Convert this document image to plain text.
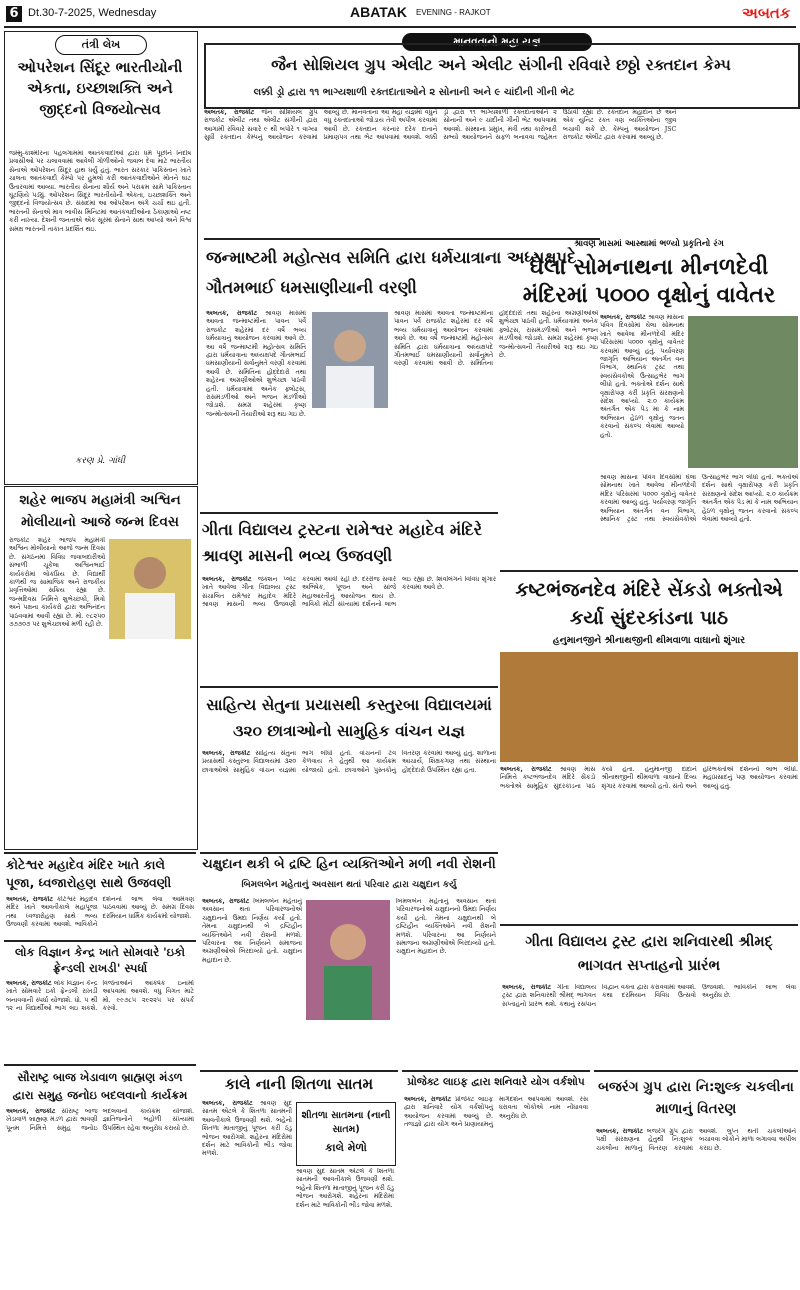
6 Dt.30-7-2025, Wednesday	ABATAK EVENING - RAJKOT	અબતક
તંત્રી લેખ
ઓપરેશન સિંદૂર ભારતીયોની એકતા, ઇચ્છાશક્તિ અને જીદ્દનો વિજયોત્સવ
જમ્મુ-કાશ્મીરના પહલગામમાં આતંકવાદીઓ દ્વારા ધર્મ પૂછીને નિર્દોષ પ્રવાસીઓ પર ચલાવવામાં આવેલી ગોળીઓનો જવાબ દેવા માટે ભારતીય સેનાએ ઓપરેશન સિંદૂર હાથ ધર્યું હતું. ભારત સરકાર પાકિસ્તાન ખાતે ચાલતા આતંકવાદી કેમ્પો પર હુમલો કરી આતંકવાદીઓને મોતને ઘાટ ઉતારવામાં આવ્યા. ભારતીય સેનાના શૌર્ય અને પરાક્રમ સામે પાકિસ્તાન ઘૂંટણિયે પડ્યું. ઓપરેશન સિંદૂર ભારતીયોની એકતા, ઇચ્છાશક્તિ અને જીદ્દનો વિજયોત્સવ છે. સંસદમાં આ ઓપરેશન અંગે ચર્ચા થઇ હતી. ભારતની સેનાએ માત્ર બાવીસ મિનિટમાં આતંકવાદીઓના ઠેકાણાઓ નષ્ટ કરી નાખ્યા. દેશની જનતાએ એક સૂરમાં સેનાને સાથ આપ્યો અને વિશ્વ સમક્ષ ભારતની તાકાત પ્રદર્શિત થઇ.
કરણ પ્રે. ગાંધી
માનવતાનો મહા યજ્ઞ
જૈન સોશિયલ ગ્રુપ એલીટ અને એલીટ સંગીની રવિવારે છઠ્ઠો રક્તદાન કેમ્પ
લક્કી ડ્રો દ્વારા ૧૧ ભાગ્યશાળી રક્તદાતાઓને ૨ સોનાની અને ૯ ચાંદીની ગીની ભેટ
અબતક, રાજકોટ જૈન સોશિયલ ગ્રુપ રાજકોટ એલીટ તથા એલીટ સંગીની દ્વારા આગામી રવિવારે સવારે ૯ થી બપોરે ૧ વાગ્યા સુધી રક્તદાન કેમ્પનું આયોજન કરવામાં આવ્યું છે. માનવતાના આ મહા યજ્ઞમાં વધુને વધુ રક્તદાતાઓ જોડાય તેવી અપીલ કરવામાં આવી છે. રક્તદાન કરનાર દરેક દાતાને પ્રમાણપત્ર તથા ભેટ આપવામાં આવશે. લક્કી ડ્રો દ્વારા ૧૧ ભાગ્યશાળી રક્તદાતાઓને ૨ સોનાની અને ૯ ચાંદીની ગીની ભેટ આપવામાં આવશે. સંસ્થાના પ્રમુખ, મંત્રી તથા કારોબારી સભ્યો આયોજનને સફળ બનાવવા જહેમત ઉઠાવી રહ્યા છે. રક્તદાન મહાદાન છે અને એક યુનિટ રક્ત ત્રણ વ્યક્તિઓના જીવ બચાવી શકે છે. કેમ્પનું આયોજન JSC રાજકોટ એલીટ દ્વારા કરવામાં આવ્યું છે.
જન્માષ્ટમી મહોત્સવ સમિતિ દ્વારા ધર્મયાત્રાના અધ્યક્ષપદે ગૌતમભાઈ ધમસાણીયાની વરણી
અબતક, રાજકોટ શ્રાવણ માસમાં આવતા જન્માષ્ટમીના પાવન પર્વે રાજકોટ શહેરમાં દર વર્ષે ભવ્ય ધર્મયાત્રાનું આયોજન કરવામાં આવે છે. આ વર્ષે જન્માષ્ટમી મહોત્સવ સમિતિ દ્વારા ધર્મયાત્રાના અધ્યક્ષપદે ગૌતમભાઈ ધમસાણીયાની સર્વાનુમતે વરણી કરવામાં આવી છે. સમિતિના હોદ્દેદારો તથા શહેરના અગ્રણીઓએ શુભેચ્છા પાઠવી હતી. ધર્મયાત્રામાં અનેક ફ્લોટ્સ, રાસમંડળીઓ અને ભજન મંડળીઓ જોડાશે. સમગ્ર શહેરમાં કૃષ્ણ જન્મોત્સવની તૈયારીઓ શરૂ થઇ ગઇ છે.
શ્રાવણ માસમાં આવતા જન્માષ્ટમીના પાવન પર્વે રાજકોટ શહેરમાં દર વર્ષે ભવ્ય ધર્મયાત્રાનું આયોજન કરવામાં આવે છે. આ વર્ષે જન્માષ્ટમી મહોત્સવ સમિતિ દ્વારા ધર્મયાત્રાના અધ્યક્ષપદે ગૌતમભાઈ ધમસાણીયાની સર્વાનુમતે વરણી કરવામાં આવી છે. સમિતિના હોદ્દેદારો તથા શહેરના અગ્રણીઓએ શુભેચ્છા પાઠવી હતી. ધર્મયાત્રામાં અનેક ફ્લોટ્સ, રાસમંડળીઓ અને ભજન મંડળીઓ જોડાશે. સમગ્ર શહેરમાં કૃષ્ણ જન્મોત્સવની તૈયારીઓ શરૂ થઇ ગઇ છે.
શ્રાવણ માસમાં આસ્થામાં ભળ્યો પ્રકૃતિનો રંગ
ઘેલા સોમનાથના મીનળદેવી મંદિરમાં ૫૦૦૦ વૃક્ષોનું વાવેતર
અબતક, રાજકોટ શ્રાવણ માસના પવિત્ર દિવસોમાં ઘેલા સોમનાથ ખાતે આવેલા મીનળદેવી મંદિર પરિસરમાં ૫૦૦૦ વૃક્ષોનું વાવેતર કરવામાં આવ્યું હતું. પર્યાવરણ જાગૃતિ અભિયાન અંતર્ગત વન વિભાગ, સ્થાનિક ટ્રસ્ટ તથા સ્વયંસેવકોએ ઉત્સાહભેર ભાગ લીધો હતો. ભક્તોએ દર્શન સાથે વૃક્ષારોપણ કરી પ્રકૃતિ સંરક્ષણનો સંદેશ આપ્યો. ૨.૦ કાર્યક્રમ અંતર્ગત એક પેડ માં કે નામ અભિયાન હેઠળ વૃક્ષોનું જતન કરવાનો સંકલ્પ લેવામાં આવ્યો હતો.
શ્રાવણ માસના પવિત્ર દિવસોમાં ઘેલા સોમનાથ ખાતે આવેલા મીનળદેવી મંદિર પરિસરમાં ૫૦૦૦ વૃક્ષોનું વાવેતર કરવામાં આવ્યું હતું. પર્યાવરણ જાગૃતિ અભિયાન અંતર્ગત વન વિભાગ, સ્થાનિક ટ્રસ્ટ તથા સ્વયંસેવકોએ ઉત્સાહભેર ભાગ લીધો હતો. ભક્તોએ દર્શન સાથે વૃક્ષારોપણ કરી પ્રકૃતિ સંરક્ષણનો સંદેશ આપ્યો. ૨.૦ કાર્યક્રમ અંતર્ગત એક પેડ માં કે નામ અભિયાન હેઠળ વૃક્ષોનું જતન કરવાનો સંકલ્પ લેવામાં આવ્યો હતો.
શહેર ભાજપ મહામંત્રી અશ્વિન મોલીયાનો આજે જન્મ દિવસ
રાજકોટ શહેર ભાજપ મહામંત્રી અશ્વિન મોલીયાનો આજે જન્મ દિવસ છે. સંગઠનમાં વિવિધ જવાબદારીઓ સંભાળી ચૂકેલા અશ્વિનભાઈ કાર્યકરોમાં લોકપ્રિય છે. વિદ્યાર્થી કાળથી જ સામાજિક અને રાજકીય પ્રવૃત્તિઓમાં સક્રિય રહ્યા છે. જન્મદિવસ નિમિત્તે શુભેચ્છકો, મિત્રો અને પક્ષના કાર્યકરો દ્વારા અભિનંદન પાઠવવામાં આવી રહ્યા છે. મો. ૯૮૨૫૦ ૭૭૭૦૭ પર શુભેચ્છાઓ મળી રહી છે.
ગીતા વિદ્યાલય ટ્રસ્ટના રામેશ્વર મહાદેવ મંદિરે શ્રાવણ માસની ભવ્ય ઉજવણી
અબતક, રાજકોટ જંક્શન પ્લોટ ખાતે આવેલા ગીતા વિદ્યાલય ટ્રસ્ટ સંચાલિત રામેશ્વર મહાદેવ મંદિરે શ્રાવણ માસની ભવ્ય ઉજવણી કરવામાં આવી રહી છે. દરરોજ સવારે અભિષેક, પૂજન અને સાંજે મહાઆરતીનું આયોજન થાય છે. ભાવિકો મોટી સંખ્યામાં દર્શનનો લાભ લઇ રહ્યા છે. શિવલિંગને વિવિધ શૃંગાર કરવામાં આવે છે.	કષ્ટભંજનદેવ મંદિરે સેંકડો ભક્તોએ કર્યા સુંદરકાંડના પાઠ
હનુમાનજીને શ્રીનાથજીની થીમવાળા વાઘાનો શૃંગાર
અબતક, રાજકોટ શ્રાવણ માસ નિમિત્તે કષ્ટભંજનદેવ મંદિરે સેંકડો ભક્તોએ સામૂહિક સુંદરકાંડના પાઠ કર્યા હતા. હનુમાનજી દાદાને શ્રીનાથજીની થીમવાળા વાઘાનો દિવ્ય શૃંગાર કરવામાં આવ્યો હતો. સંતો અને હરિભક્તોએ દર્શનનો લાભ લીધો. મહાપ્રસાદનું પણ આયોજન કરવામાં આવ્યું હતું.
સાહિત્ય સેતુના પ્રયાસથી કસ્તુરબા વિદ્યાલયમાં ૩૨૦ છાત્રાઓનો સામુહિક વાંચન યજ્ઞ
અબતક, રાજકોટ સાહિત્ય સેતુના પ્રયાસથી કસ્તુરબા વિદ્યાલયમાં ૩૨૦ છાત્રાઓએ સામુહિક વાંચન યજ્ઞમાં ભાગ લીધો હતો. વાંચનની ટેવ કેળવાય તે હેતુથી આ કાર્યક્રમ યોજાયો હતો. છાત્રાઓને પુસ્તકોનું વિતરણ કરવામાં આવ્યું હતું. શાળાના આચાર્ય, શિક્ષકગણ તથા સંસ્થાના હોદ્દેદારો ઉપસ્થિત રહ્યા હતા.
કોટેશ્વર મહાદેવ મંદિર ખાતે કાલે પૂજા, ધ્વજારોહણ સાથે ઉજવણી
અબતક, રાજકોટ કોટેશ્વર મહાદેવ મંદિર ખાતે આવતીકાલે મહાપૂજા તથા ધ્વજારોહણ સાથે ભવ્ય ઉજવણી કરવામાં આવશે. ભાવિકોને દર્શનનો લાભ લેવા આમંત્રણ પાઠવવામાં આવ્યું છે. સમગ્ર દિવસ દરમિયાન ધાર્મિક કાર્યક્રમો યોજાશે.
લોક વિજ્ઞાન કેન્દ્ર ખાતે સોમવારે 'ઇકો ફ્રેન્ડલી રાખડી' સ્પર્ધા
અબતક, રાજકોટ લોક વિજ્ઞાન કેન્દ્ર ખાતે સોમવારે ઇકો ફ્રેન્ડલી રાખડી બનાવવાની સ્પર્ધા યોજાશે. ધો. ૫ થી ૧૨ ના વિદ્યાર્થીઓ ભાગ લઇ શકશે. વિજેતાઓને આકર્ષક ઇનામો આપવામાં આવશે. વધુ વિગત માટે મો. ૯૯૭૮૫ ૨૯૨૨૫ પર સંપર્ક કરવો.
સૌરાષ્ટ્ર બાજ ખેડાવાળ બ્રાહ્મણ મંડળ દ્વારા સમુહ જનોઇ બદલવાનો કાર્યક્રમ
અબતક, રાજકોટ સૌરાષ્ટ્ર બાજ ખેડાવાળ બ્રાહ્મણ મંડળ દ્વારા શ્રાવણી પૂનમ નિમિત્તે સમુહ જનોઇ બદલવાનો કાર્યક્રમ યોજાશે. જ્ઞાતિજનોને બહોળી સંખ્યામાં ઉપસ્થિત રહેવા અનુરોધ કરાયો છે.
ચક્ષુદાન થકી બે દ્રષ્ટિ હિન વ્યક્તિઓને મળી નવી રોશની
બિમલબેન મહેતાનું અવસાન થતાં પરિવાર દ્વારા ચક્ષુદાન કર્યુ
અબતક, રાજકોટ બિમલબેન મહેતાનું અવસાન થતાં પરિવારજનોએ ચક્ષુદાનનો ઉમદા નિર્ણય કર્યો હતો. તેમના ચક્ષુદાનથી બે દ્રષ્ટિહીન વ્યક્તિઓને નવી રોશની મળશે. પરિવારના આ નિર્ણયને સમાજના અગ્રણીઓએ બિરદાવ્યો હતો. ચક્ષુદાન મહાદાન છે.
બિમલબેન મહેતાનું અવસાન થતાં પરિવારજનોએ ચક્ષુદાનનો ઉમદા નિર્ણય કર્યો હતો. તેમના ચક્ષુદાનથી બે દ્રષ્ટિહીન વ્યક્તિઓને નવી રોશની મળશે. પરિવારના આ નિર્ણયને સમાજના અગ્રણીઓએ બિરદાવ્યો હતો. ચક્ષુદાન મહાદાન છે.
ગીતા વિદ્યાલય ટ્રસ્ટ દ્વારા શનિવારથી શ્રીમદ્ ભાગવત સપ્તાહનો પ્રારંભ
અબતક, રાજકોટ ગીતા વિદ્યાલય ટ્રસ્ટ દ્વારા શનિવારથી શ્રીમદ્ ભાગવત સપ્તાહનો પ્રારંભ થશે. કથાનું રસપાન વિદ્વાન વક્તા દ્વારા કરાવવામાં આવશે. કથા દરમિયાન વિવિધ ઉત્સવો ઉજવાશે. ભાવિકોને લાભ લેવા અનુરોધ છે.
કાલે નાની શિતળા સાતમ
અબતક, રાજકોટ શ્રાવણ સુદ સાતમ એટલે કે શિતળા સાતમની આવતીકાલે ઉજવણી થશે. બહેનો શિતળા માતાજીનું પૂજન કરી ઠંડુ ભોજન આરોગશે. શહેરના મંદિરોમાં દર્શન માટે ભાવિકોની ભીડ જોવા મળશે.
શીતળા સાતમના (નાની સાતમ)
કાલે મેળો
શ્રાવણ સુદ સાતમ એટલે કે શિતળા સાતમની આવતીકાલે ઉજવણી થશે. બહેનો શિતળા માતાજીનું પૂજન કરી ઠંડુ ભોજન આરોગશે. શહેરના મંદિરોમાં દર્શન માટે ભાવિકોની ભીડ જોવા મળશે.
પ્રોજેક્ટ લાઇફ દ્વારા શનિવારે યોગ વર્કશોપ
અબતક, રાજકોટ પ્રોજેક્ટ લાઇફ દ્વારા શનિવારે યોગ વર્કશોપનું આયોજન કરવામાં આવ્યું છે. તજજ્ઞો દ્વારા યોગ અને પ્રાણાયામનું માર્ગદર્શન આપવામાં આવશે. રસ ધરાવતા લોકોએ નામ નોંધાવવા અનુરોધ છે.
બજરંગ ગ્રુપ દ્વારા નિ:શુલ્ક ચકલીના માળાનું વિતરણ
અબતક, રાજકોટ બજરંગ ગ્રુપ દ્વારા પક્ષી સંરક્ષણના હેતુથી નિ:શુલ્ક ચકલીના માળાનું વિતરણ કરવામાં આવશે. લુપ્ત થતી ચકલીઓને બચાવવા લોકોને માળા લગાવવા અપીલ કરાઇ છે.
